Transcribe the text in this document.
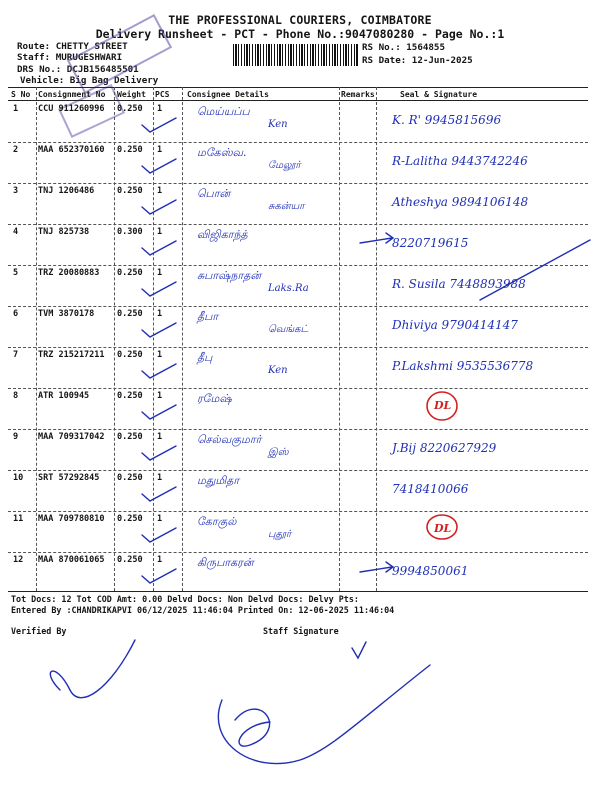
THE PROFESSIONAL COURIERS, COIMBATORE
Delivery Runsheet - PCT - Phone No.:9047080280 - Page No.:1
Route: CHETTY STREET
Staff: MURUGESHWARI
DRS No.: DCJB156485501
Vehicle: Big Bag Delivery
RS No.: 1564855
RS Date: 12-Jun-2025
S No Consignment No Weight PCS Consignee Details	Remarks	Seal & Signature
1 CCU 911260996 0.250 1	மெய்யப்ப
Ken	K. R' 9945815696
2 MAA 652370160 0.250 1	மகேஸ்வ.
மேலூர்	R-Lalitha 9443742246
3 TNJ 1206486	0.250 1	பொன்
சுகன்யா	Atheshya 9894106148
4 TNJ 825738	0.300 1	விஜிகாந்த்
8220719615
5 TRZ 20080883 0.250 1	சுபாஷ்நாதன்
Laks.Ra	R. Susila 7448893988
6 TVM 3870178	0.250 1	தீபா
வெங்கட்	Dhiviya 9790414147
7 TRZ 215217211 0.250 1	தீபு
Ken	P.Lakshmi 9535536778
8 ATR 100945	0.250 1	ரமேஷ்
DL
9 MAA 709317042 0.250 1	செல்வகுமார்
இஸ்	J.Bij 8220627929
10 SRT 57292845 0.250 1	மதுமிதா
7418410066
11 MAA 709780810 0.250 1	கோகுல்
புதூர்	DL
12 MAA 870061065 0.250 1	கிருபாகரன்
9994850061
Tot Docs: 12 Tot COD Amt: 0.00 Delvd Docs: Non Delvd Docs: Delvy Pts:
Entered By :CHANDRIKAPVI 06/12/2025 11:46:04 Printed On: 12-06-2025 11:46:04
Verified By	Staff Signature
